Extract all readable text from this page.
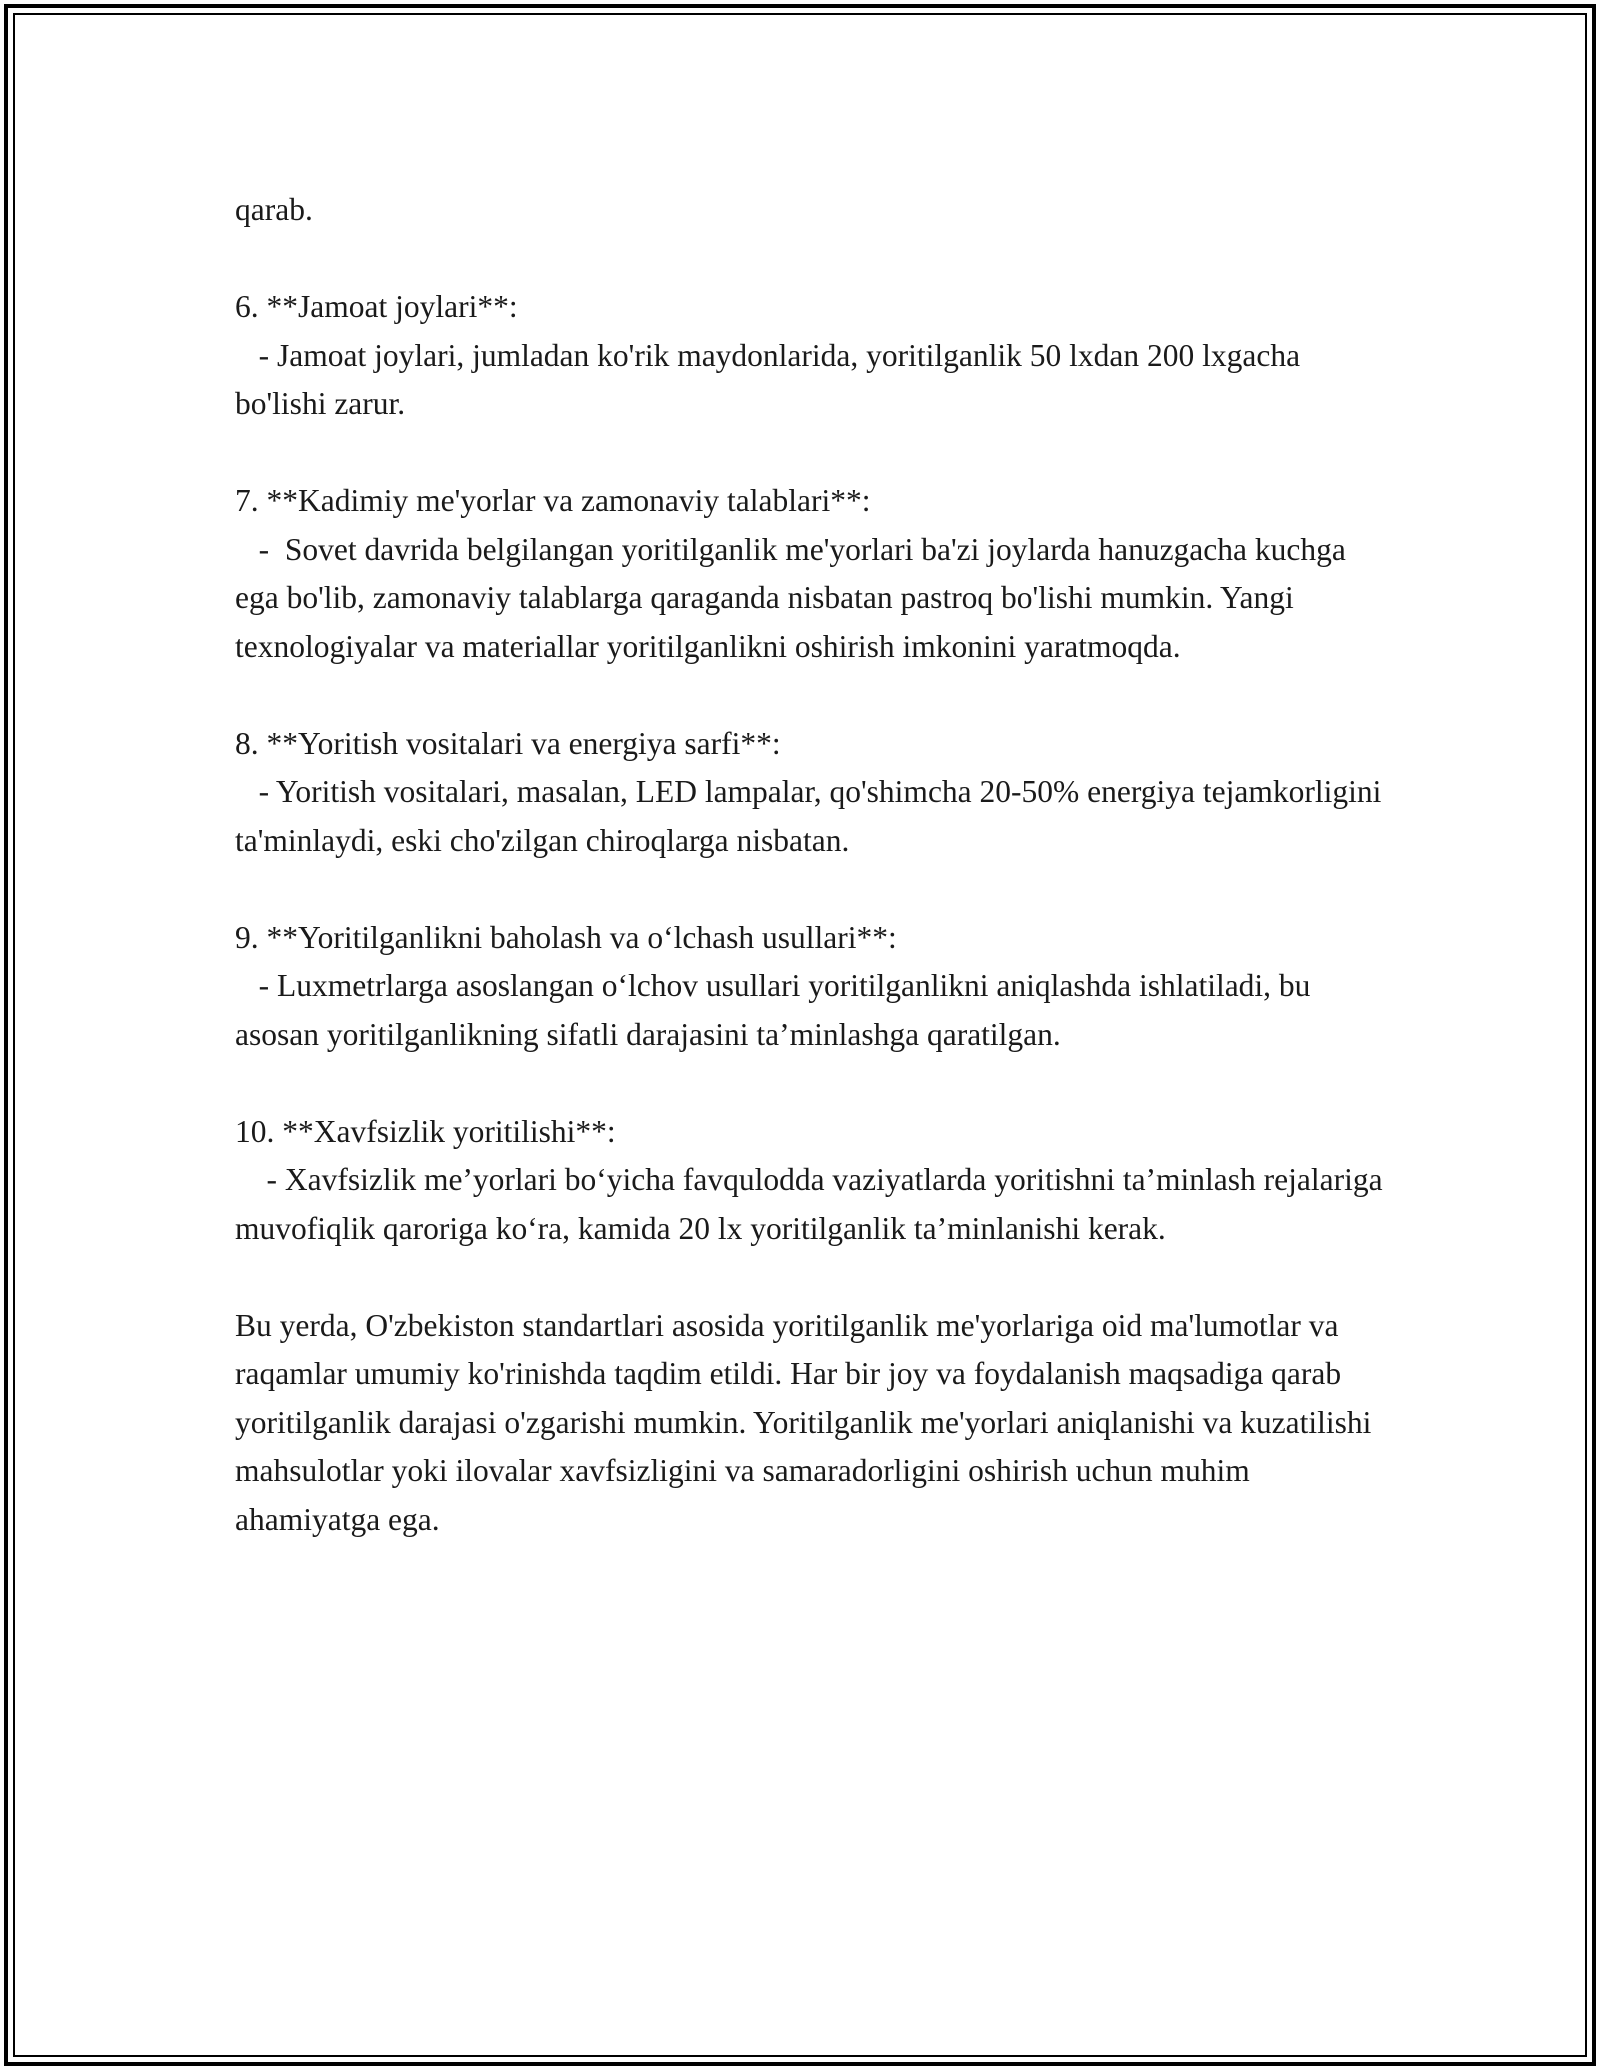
qarab.
6. **Jamoat joylari**:
- Jamoat joylari, jumladan ko'rik maydonlarida, yoritilganlik 50 lxdan 200 lxgacha bo'lishi zarur.
7. **Kadimiy me'yorlar va zamonaviy talablari**:
-  Sovet davrida belgilangan yoritilganlik me'yorlari ba'zi joylarda hanuzgacha kuchga ega bo'lib, zamonaviy talablarga qaraganda nisbatan pastroq bo'lishi mumkin. Yangi texnologiyalar va materiallar yoritilganlikni oshirish imkonini yaratmoqda.
8. **Yoritish vositalari va energiya sarfi**:
- Yoritish vositalari, masalan, LED lampalar, qo'shimcha 20-50% energiya tejamkorligini ta'minlaydi, eski cho'zilgan chiroqlarga nisbatan.
9. **Yoritilganlikni baholash va o‘lchash usullari**:
- Luxmetrlarga asoslangan o‘lchov usullari yoritilganlikni aniqlashda ishlatiladi, bu asosan yoritilganlikning sifatli darajasini ta’minlashga qaratilgan.
10. **Xavfsizlik yoritilishi**:
- Xavfsizlik me’yorlari bo‘yicha favqulodda vaziyatlarda yoritishni ta’minlash rejalariga muvofiqlik qaroriga ko‘ra, kamida 20 lx yoritilganlik ta’minlanishi kerak.
Bu yerda, O'zbekiston standartlari asosida yoritilganlik me'yorlariga oid ma'lumotlar va raqamlar umumiy ko'rinishda taqdim etildi. Har bir joy va foydalanish maqsadiga qarab yoritilganlik darajasi o'zgarishi mumkin. Yoritilganlik me'yorlari aniqlanishi va kuzatilishi mahsulotlar yoki ilovalar xavfsizligini va samaradorligini oshirish uchun muhim ahamiyatga ega.
